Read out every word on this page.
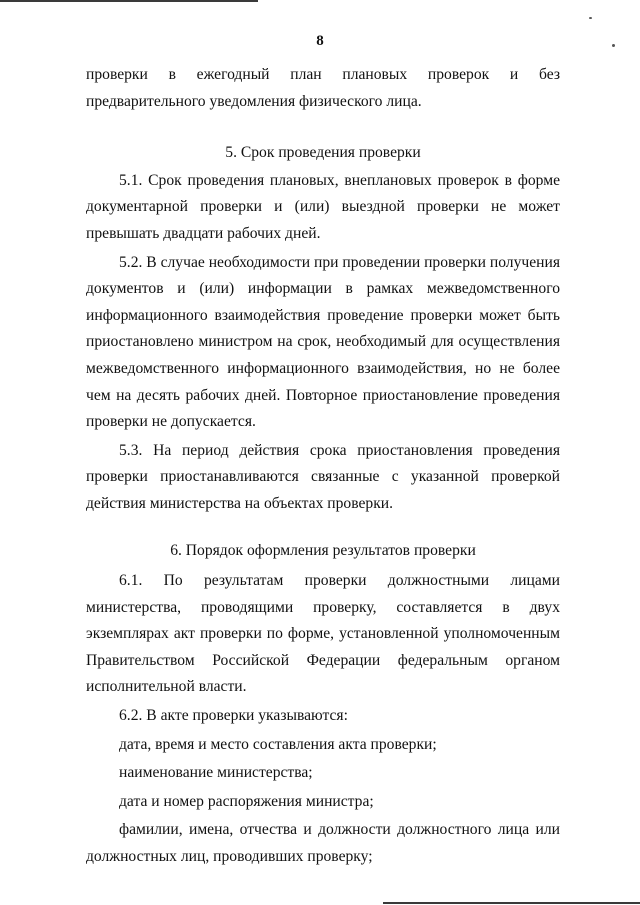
8

проверки в ежегодный план плановых проверок и без предварительного уведомления физического лица.

5. Срок проведения проверки

5.1. Срок проведения плановых, внеплановых проверок в форме документарной проверки и (или) выездной проверки не может превышать двадцати рабочих дней.

5.2. В случае необходимости при проведении проверки получения документов и (или) информации в рамках межведомственного информационного взаимодействия проведение проверки может быть приостановлено министром на срок, необходимый для осуществления межведомственного информационного взаимодействия, но не более чем на десять рабочих дней. Повторное приостановление проведения проверки не допускается.

5.3. На период действия срока приостановления проведения проверки приостанавливаются связанные с указанной проверкой действия министерства на объектах проверки.

6. Порядок оформления результатов проверки

6.1. По результатам проверки должностными лицами министерства, проводящими проверку, составляется в двух экземплярах акт проверки по форме, установленной уполномоченным Правительством Российской Федерации федеральным органом исполнительной власти.

6.2. В акте проверки указываются:

дата, время и место составления акта проверки;

наименование министерства;

дата и номер распоряжения министра;

фамилии, имена, отчества и должности должностного лица или должностных лиц, проводивших проверку;
